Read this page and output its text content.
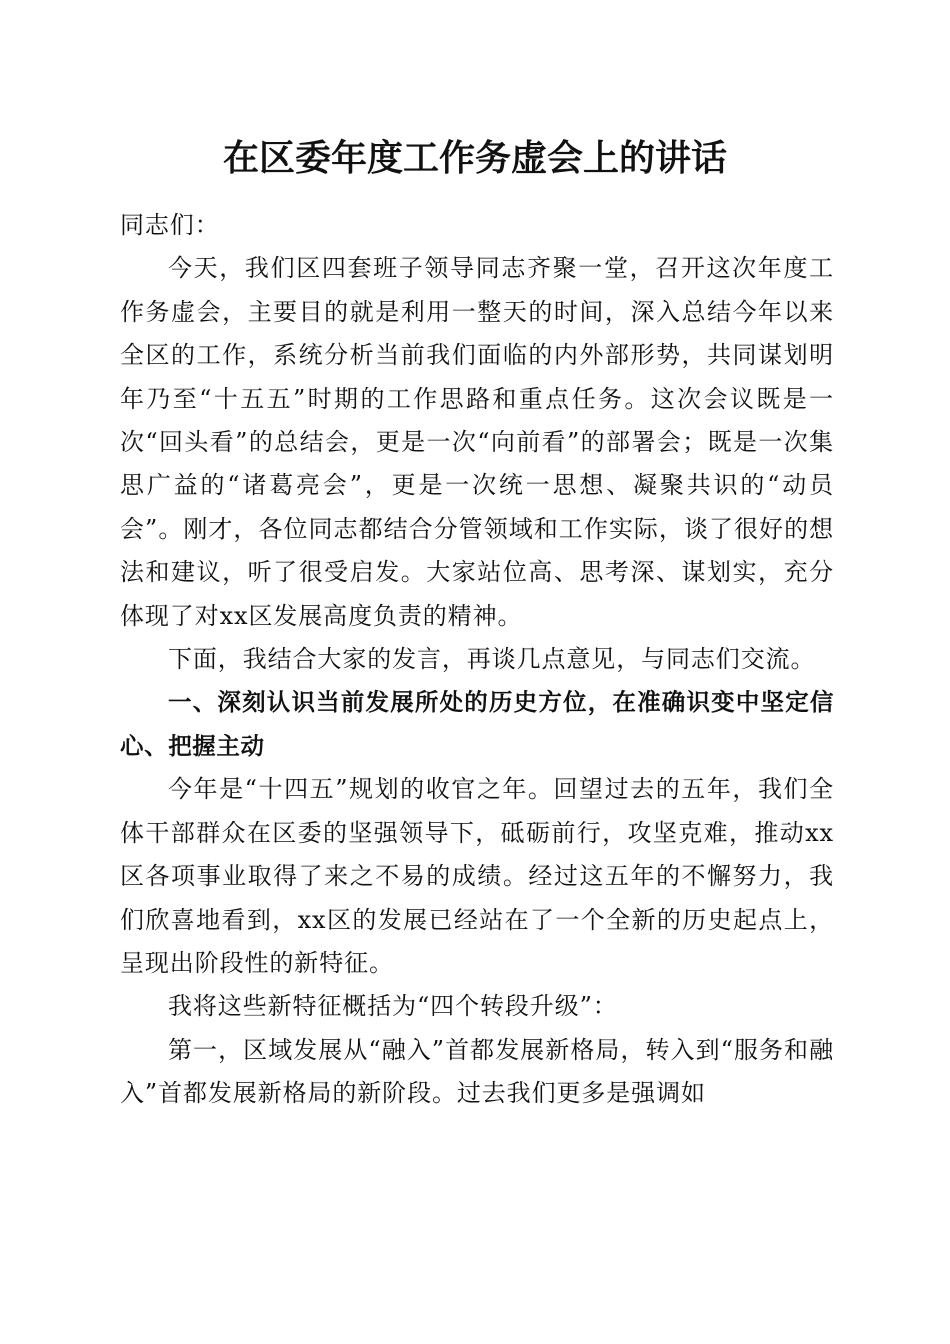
在区委年度工作务虚会上的讲话

同志们：

今天，我们区四套班子领导同志齐聚一堂，召开这次年度工作务虚会，主要目的就是利用一整天的时间，深入总结今年以来全区的工作，系统分析当前我们面临的内外部形势，共同谋划明年乃至“十五五”时期的工作思路和重点任务。这次会议既是一次“回头看”的总结会，更是一次“向前看”的部署会；既是一次集思广益的“诸葛亮会”，更是一次统一思想、凝聚共识的“动员会”。刚才，各位同志都结合分管领域和工作实际，谈了很好的想法和建议，听了很受启发。大家站位高、思考深、谋划实，充分体现了对xx区发展高度负责的精神。

下面，我结合大家的发言，再谈几点意见，与同志们交流。

一、深刻认识当前发展所处的历史方位，在准确识变中坚定信心、把握主动

今年是“十四五”规划的收官之年。回望过去的五年，我们全体干部群众在区委的坚强领导下，砥砺前行，攻坚克难，推动xx区各项事业取得了来之不易的成绩。经过这五年的不懈努力，我们欣喜地看到，xx区的发展已经站在了一个全新的历史起点上，呈现出阶段性的新特征。

我将这些新特征概括为“四个转段升级”：

第一，区域发展从“融入”首都发展新格局，转入到“服务和融入”首都发展新格局的新阶段。过去我们更多是强调如
